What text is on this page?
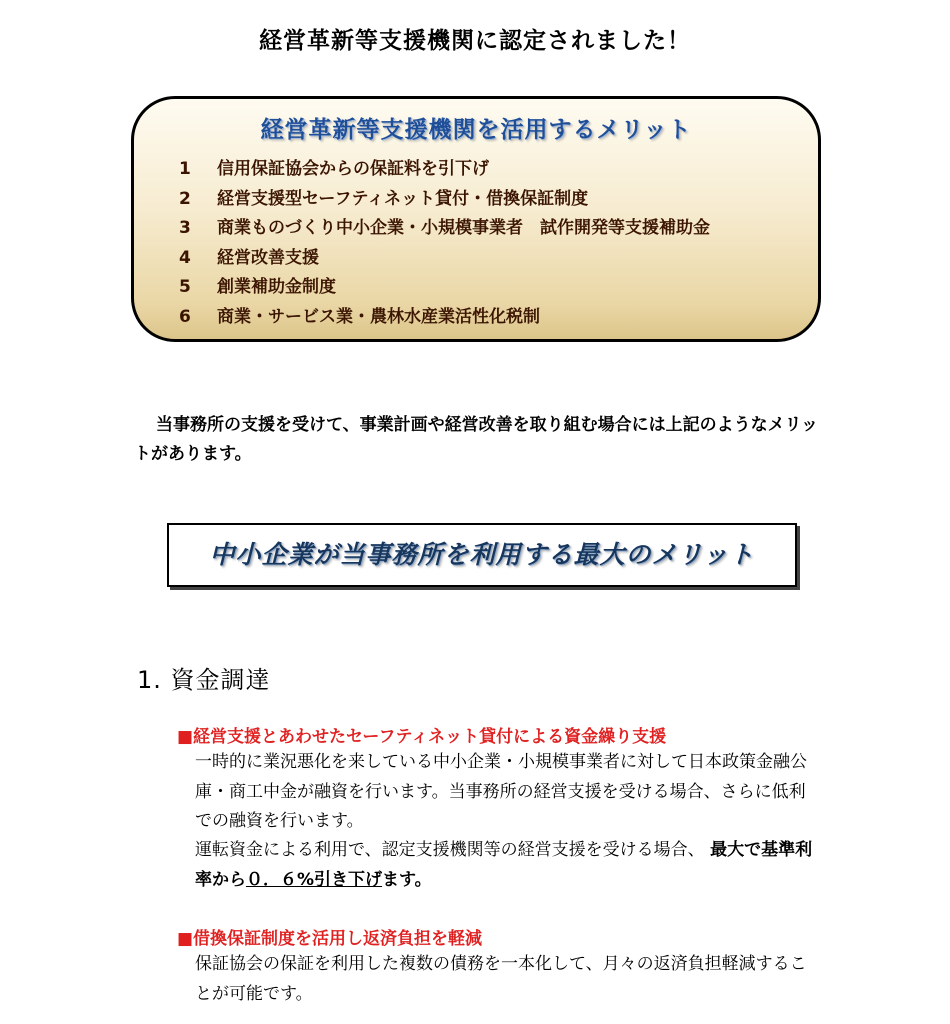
経営革新等支援機関に認定されました！
経営革新等支援機関を活用するメリット
1 信用保証協会からの保証料を引下げ
2 経営支援型セーフティネット貸付・借換保証制度
3 商業ものづくり中小企業・小規模事業者　試作開発等支援補助金
4 経営改善支援
5 創業補助金制度
6 商業・サービス業・農林水産業活性化税制

当事務所の支援を受けて、事業計画や経営改善を取り組む場合には上記のようなメリットがあります。

中小企業が当事務所を利用する最大のメリット
1. 資金調達
■経営支援とあわせたセーフティネット貸付による資金繰り支援

一時的に業況悪化を来している中小企業・小規模事業者に対して日本政策金融公庫・商工中金が融資を行います。当事務所の経営支援を受ける場合、さらに低利での融資を行います。

運転資金による利用で、認定支援機関等の経営支援を受ける場合、 最大で基準利率から０．６%引き下げます。

■借換保証制度を活用し返済負担を軽減

保証協会の保証を利用した複数の債務を一本化して、月々の返済負担軽減することが可能です。
